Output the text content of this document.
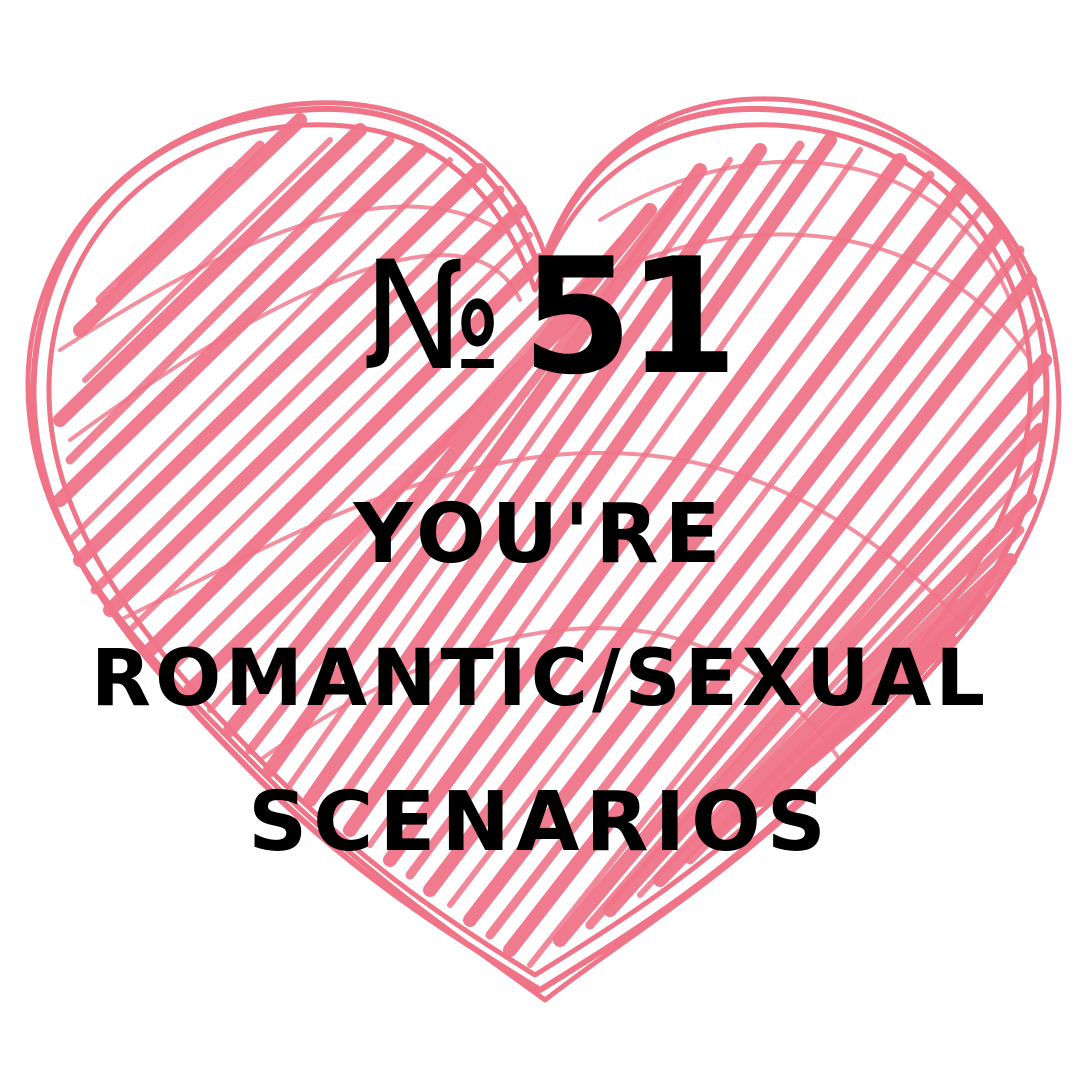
№ 51
YOU'RE
ROMANTIC/SEXUAL
SCENARIOS
